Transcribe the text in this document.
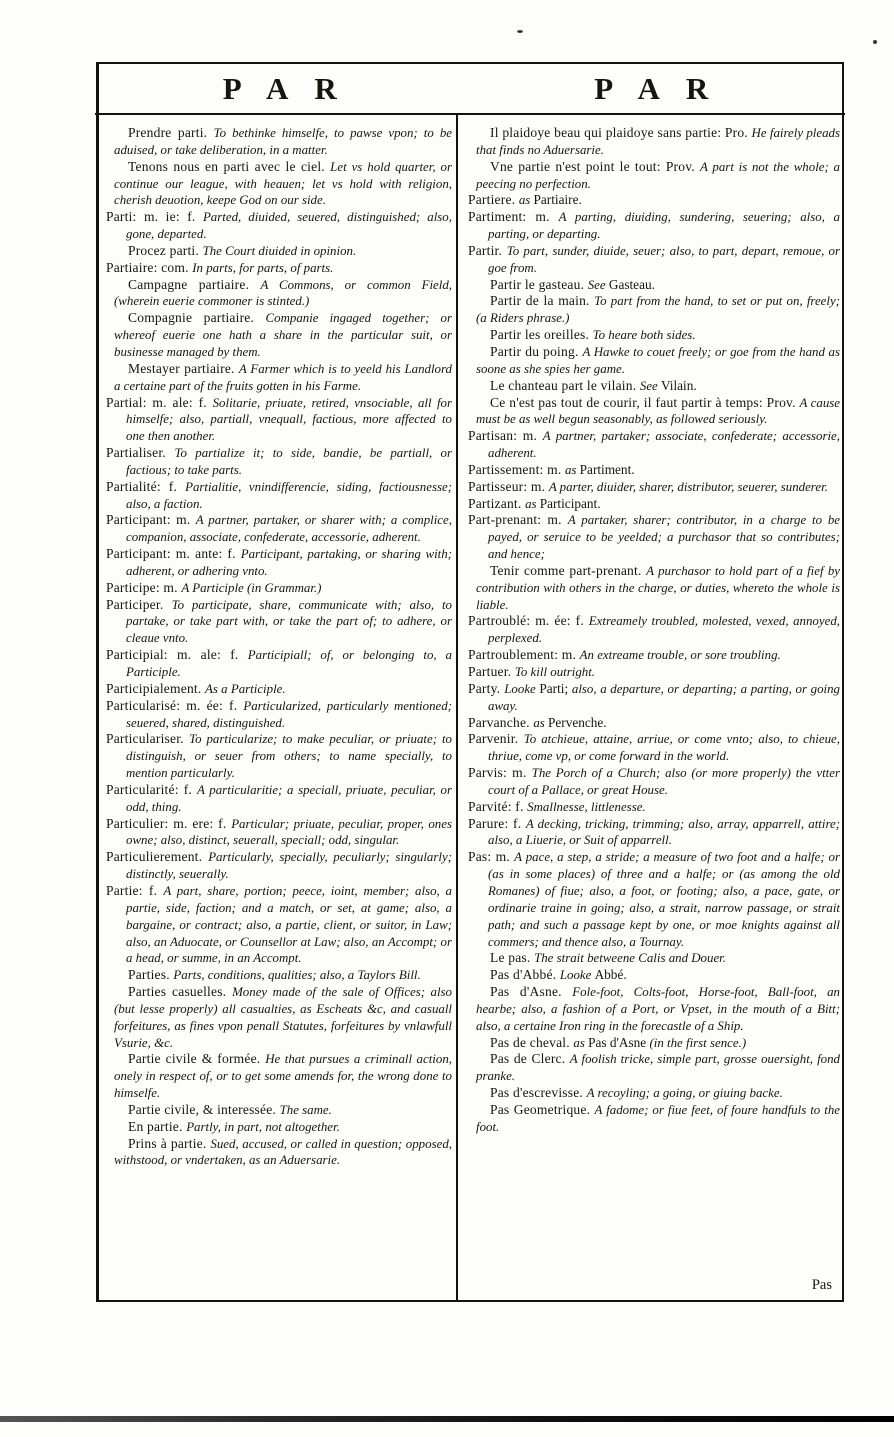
P A R	P A R

Prendre parti. To bethinke himselfe, to pawse vpon; to be aduised, or take deliberation, in a matter.

Tenons nous en parti avec le ciel. Let vs hold quarter, or continue our league, with heauen; let vs hold with religion, cherish deuotion, keepe God on our side.

Parti: m. ie: f. Parted, diuided, seuered, distinguished; also, gone, departed.

Procez parti. The Court diuided in opinion.

Partiaire: com. In parts, for parts, of parts.

Campagne partiaire. A Commons, or common Field, (wherein euerie commoner is stinted.)

Compagnie partiaire. Companie ingaged together; or whereof euerie one hath a share in the particular suit, or businesse managed by them.

Mestayer partiaire. A Farmer which is to yeeld his Landlord a certaine part of the fruits gotten in his Farme.

Partial: m. ale: f. Solitarie, priuate, retired, vnsociable, all for himselfe; also, partiall, vnequall, factious, more affected to one then another.

Partialiser. To partialize it; to side, bandie, be partiall, or factious; to take parts.

Partialité: f. Partialitie, vnindifferencie, siding, factiousnesse; also, a faction.

Participant: m. A partner, partaker, or sharer with; a complice, companion, associate, confederate, accessorie, adherent.

Participant: m. ante: f. Participant, partaking, or sharing with; adherent, or adhering vnto.

Participe: m. A Participle (in Grammar.)

Participer. To participate, share, communicate with; also, to partake, or take part with, or take the part of; to adhere, or cleaue vnto.

Participial: m. ale: f. Participiall; of, or belonging to, a Participle.

Participialement. As a Participle.

Particularisé: m. ée: f. Particularized, particularly mentioned; seuered, shared, distinguished.

Particulariser. To particularize; to make peculiar, or priuate; to distinguish, or seuer from others; to name specially, to mention particularly.

Particularité: f. A particularitie; a speciall, priuate, peculiar, or odd, thing.

Particulier: m. ere: f. Particular; priuate, peculiar, proper, ones owne; also, distinct, seuerall, speciall; odd, singular.

Particulierement. Particularly, specially, peculiarly; singularly; distinctly, seuerally.

Partie: f. A part, share, portion; peece, ioint, member; also, a partie, side, faction; and a match, or set, at game; also, a bargaine, or contract; also, a partie, client, or suitor, in Law; also, an Aduocate, or Counsellor at Law; also, an Accompt; or a head, or summe, in an Accompt.

Parties. Parts, conditions, qualities; also, a Taylors Bill.

Parties casuelles. Money made of the sale of Offices; also (but lesse properly) all casualties, as Escheats &c, and casuall forfeitures, as fines vpon penall Statutes, forfeitures by vnlawfull Vsurie, &c.

Partie civile & formée. He that pursues a criminall action, onely in respect of, or to get some amends for, the wrong done to himselfe.

Partie civile, & interessée. The same.

En partie. Partly, in part, not altogether.

Prins à partie. Sued, accused, or called in question; opposed, withstood, or vndertaken, as an Aduersarie.

Il plaidoye beau qui plaidoye sans partie: Pro. He fairely pleads that finds no Aduersarie.

Vne partie n'est point le tout: Prov. A part is not the whole; a peecing no perfection.

Partiere. as Partiaire.

Partiment: m. A parting, diuiding, sundering, seuering; also, a parting, or departing.

Partir. To part, sunder, diuide, seuer; also, to part, depart, remoue, or goe from.

Partir le gasteau. See Gasteau.

Partir de la main. To part from the hand, to set or put on, freely; (a Riders phrase.)

Partir les oreilles. To heare both sides.

Partir du poing. A Hawke to couet freely; or goe from the hand as soone as she spies her game.

Le chanteau part le vilain. See Vilain.

Ce n'est pas tout de courir, il faut partir à temps: Prov. A cause must be as well begun seasonably, as followed seriously.

Partisan: m. A partner, partaker; associate, confederate; accessorie, adherent.

Partissement: m. as Partiment.

Partisseur: m. A parter, diuider, sharer, distributor, seuerer, sunderer.

Partizant. as Participant.

Part-prenant: m. A partaker, sharer; contributor, in a charge to be payed, or seruice to be yeelded; a purchasor that so contributes; and hence;

Tenir comme part-prenant. A purchasor to hold part of a fief by contribution with others in the charge, or duties, whereto the whole is liable.

Partroublé: m. ée: f. Extreamely troubled, molested, vexed, annoyed, perplexed.

Partroublement: m. An extreame trouble, or sore troubling.

Partuer. To kill outright.

Party. Looke Parti; also, a departure, or departing; a parting, or going away.

Parvanche. as Pervenche.

Parvenir. To atchieue, attaine, arriue, or come vnto; also, to chieue, thriue, come vp, or come forward in the world.

Parvis: m. The Porch of a Church; also (or more properly) the vtter court of a Pallace, or great House.

Parvité: f. Smallnesse, littlenesse.

Parure: f. A decking, tricking, trimming; also, array, apparrell, attire; also, a Liuerie, or Suit of apparrell.

Pas: m. A pace, a step, a stride; a measure of two foot and a halfe; or (as in some places) of three and a halfe; or (as among the old Romanes) of fiue; also, a foot, or footing; also, a pace, gate, or ordinarie traine in going; also, a strait, narrow passage, or strait path; and such a passage kept by one, or moe knights against all commers; and thence also, a Tournay.

Le pas. The strait betweene Calis and Douer.

Pas d'Abbé. Looke Abbé.

Pas d'Asne. Fole-foot, Colts-foot, Horse-foot, Ball-foot, an hearbe; also, a fashion of a Port, or Vpset, in the mouth of a Bitt; also, a certaine Iron ring in the forecastle of a Ship.

Pas de cheval. as Pas d'Asne (in the first sence.)

Pas de Clerc. A foolish tricke, simple part, grosse ouersight, fond pranke.

Pas d'escrevisse. A recoyling; a going, or giuing backe.

Pas Geometrique. A fadome; or fiue feet, of foure handfuls to the foot.

Pas
